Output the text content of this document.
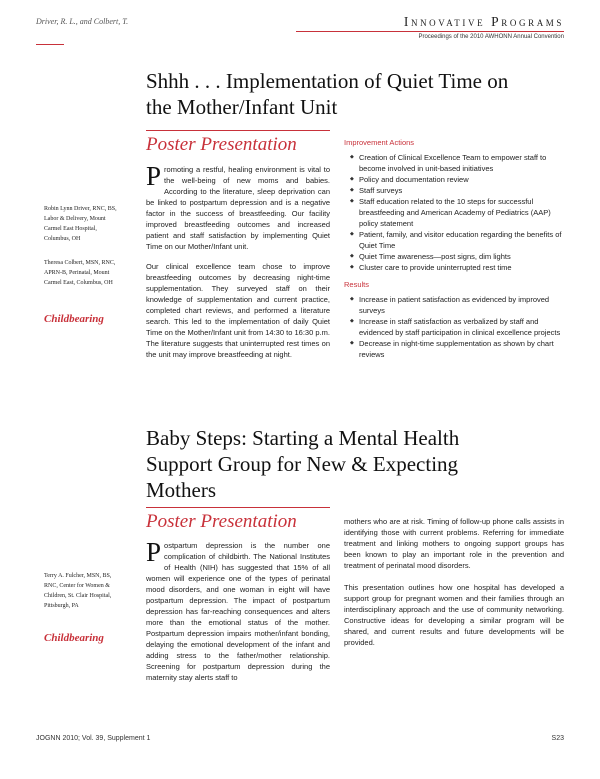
Driver, R. L., and Colbert, T.	Innovative Programs
Proceedings of the 2010 AWHONN Annual Convention
Shhh . . . Implementation of Quiet Time on
the Mother/Infant Unit
Poster Presentation
Robin Lynn Driver, RNC, BS,
Labor & Delivery, Mount
Carmel East Hospital,
Columbus, OH
Theresa Colbert, MSN, RNC,
APRN-B, Perinatal, Mount
Carmel East, Columbus, OH
Childbearing

Promoting a restful, healing environment is vital to the well-being of new moms and babies. According to the literature, sleep deprivation can be linked to postpartum depression and is a negative factor in the success of breastfeeding. Our facility improved breastfeeding outcomes and increased patient and staff satisfaction by implementing Quiet Time on our Mother/Infant unit.

Our clinical excellence team chose to improve breastfeeding outcomes by decreasing night-time supplementation. They surveyed staff on their knowledge of supplementation and current practice, completed chart reviews, and performed a literature search. This led to the implementation of daily Quiet Time on the Mother/Infant unit from 14:30 to 16:30 p.m. The literature suggests that uninterrupted rest times on the unit may improve breastfeeding at night.

Improvement Actions
◆ Creation of Clinical Excellence Team to empower staff to become involved in unit-based initiatives
◆ Policy and documentation review
◆ Staff surveys
◆ Staff education related to the 10 steps for successful breastfeeding and American Academy of Pediatrics (AAP) policy statement
◆ Patient, family, and visitor education regarding the benefits of Quiet Time
◆ Quiet Time awareness—post signs, dim lights
◆ Cluster care to provide uninterrupted rest time
Results
◆ Increase in patient satisfaction as evidenced by improved surveys
◆ Increase in staff satisfaction as verbalized by staff and evidenced by staff participation in clinical excellence projects
◆ Decrease in night-time supplementation as shown by chart reviews
Baby Steps: Starting a Mental Health
Support Group for New & Expecting
Mothers
Poster Presentation
Terry A. Fulcher, MSN, BS,
RNC, Center for Women &
Children, St. Clair Hospital,
Pittsburgh, PA
Childbearing

Postpartum depression is the number one complication of childbirth. The National Institutes of Health (NIH) has suggested that 15% of all women will experience one of the types of perinatal mood disorders, and one woman in eight will have postpartum depression. The impact of postpartum depression has far-reaching consequences and alters more than the emotional status of the mother. Postpartum depression impairs mother/infant bonding, delaying the emotional development of the infant and adding stress to the father/mother relationship. Screening for postpartum depression during the maternity stay alerts staff to

mothers who are at risk. Timing of follow-up phone calls assists in identifying those with current problems. Referring for immediate treatment and linking mothers to ongoing support groups has been known to play an important role in the prevention and treatment of perinatal mood disorders.

This presentation outlines how one hospital has developed a support group for pregnant women and their families through an interdisciplinary approach and the use of community networking. Constructive ideas for developing a similar program will be shared, and current results and future developments will be provided.

JOGNN 2010; Vol. 39, Supplement 1	S23
